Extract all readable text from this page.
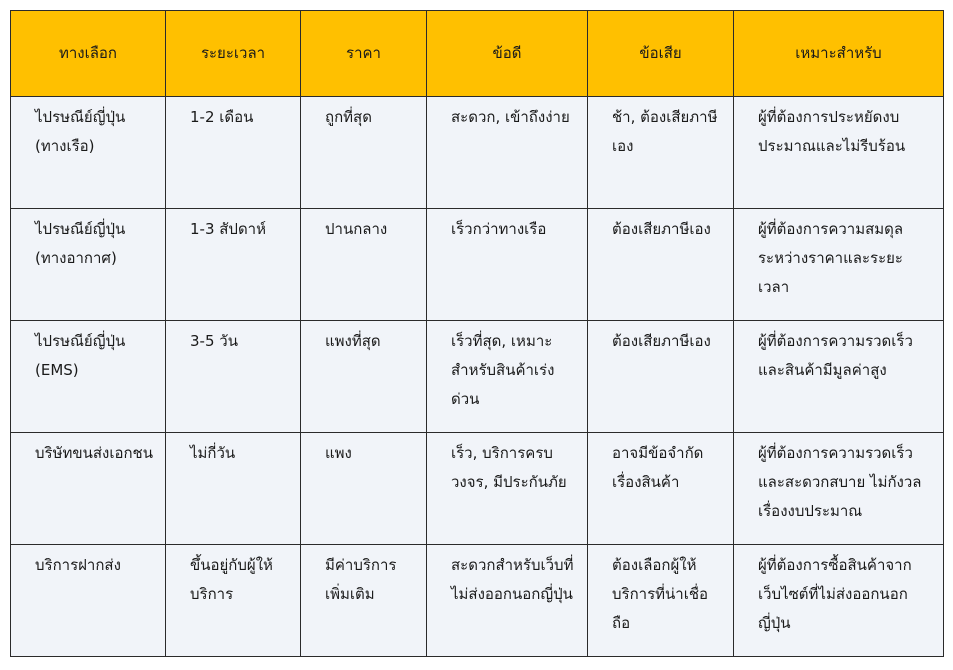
ทางเลือก	ระยะเวลา	ราคา	ข้อดี	ข้อเสีย	เหมาะสำหรับ
ไปรษณีย์ญี่ปุ่น (ทางเรือ)	1-2 เดือน	ถูกที่สุด	สะดวก, เข้าถึงง่าย	ช้า, ต้องเสียภาษีเอง	ผู้ที่ต้องการประหยัดงบประมาณและไม่รีบร้อน
ไปรษณีย์ญี่ปุ่น (ทางอากาศ)	1-3 สัปดาห์	ปานกลาง	เร็วกว่าทางเรือ	ต้องเสียภาษีเอง	ผู้ที่ต้องการความสมดุลระหว่างราคาและระยะเวลา
ไปรษณีย์ญี่ปุ่น (EMS)	3-5 วัน	แพงที่สุด	เร็วที่สุด, เหมาะสำหรับสินค้าเร่งด่วน	ต้องเสียภาษีเอง	ผู้ที่ต้องการความรวดเร็วและสินค้ามีมูลค่าสูง
บริษัทขนส่งเอกชน	ไม่กี่วัน	แพง	เร็ว, บริการครบวงจร, มีประกันภัย	อาจมีข้อจำกัดเรื่องสินค้า	ผู้ที่ต้องการความรวดเร็วและสะดวกสบาย ไม่กังวลเรื่องงบประมาณ
บริการฝากส่ง	ขึ้นอยู่กับผู้ให้บริการ	มีค่าบริการเพิ่มเติม	สะดวกสำหรับเว็บที่ไม่ส่งออกนอกญี่ปุ่น	ต้องเลือกผู้ให้บริการที่น่าเชื่อถือ	ผู้ที่ต้องการซื้อสินค้าจากเว็บไซต์ที่ไม่ส่งออกนอกญี่ปุ่น
